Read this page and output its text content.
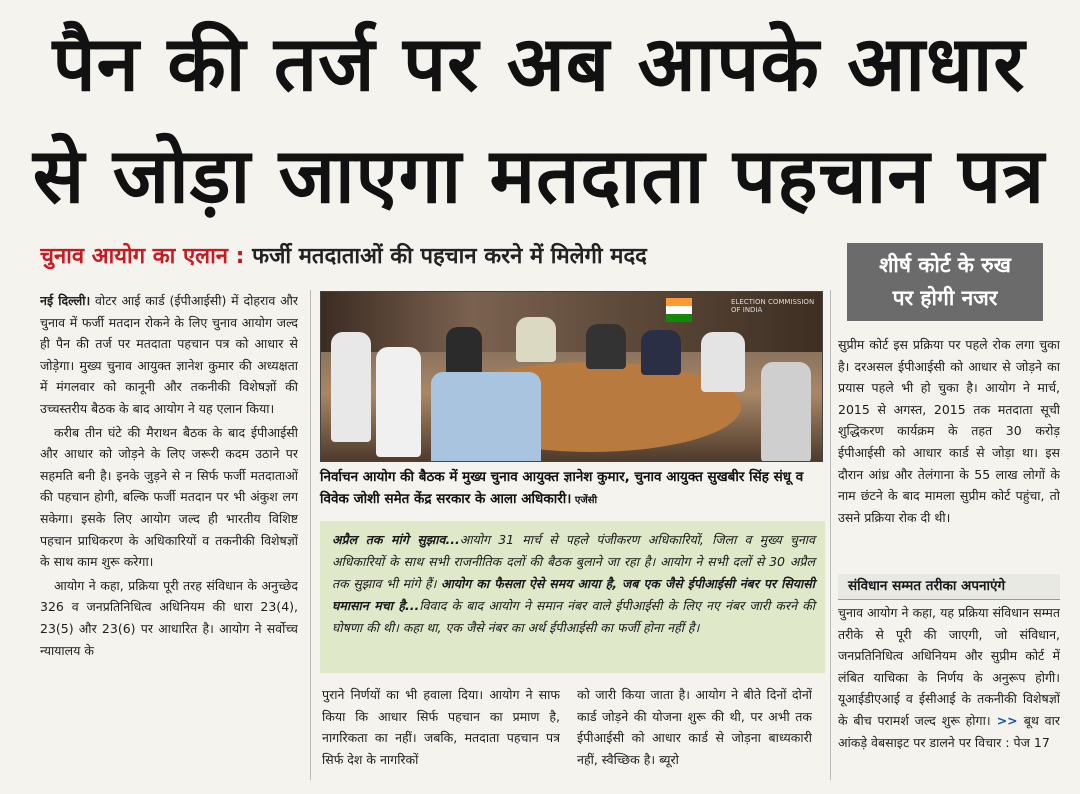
पैन की तर्ज पर अब आपके आधार
से जोड़ा जाएगा मतदाता पहचान पत्र
चुनाव आयोग का एलान : फर्जी मतदाताओं की पहचान करने में मिलेगी मदद

नई दिल्ली। वोटर आई कार्ड (ईपीआईसी) में दोहराव और चुनाव में फर्जी मतदान रोकने के लिए चुनाव आयोग जल्द ही पैन की तर्ज पर मतदाता पहचान पत्र को आधार से जोड़ेगा। मुख्य चुनाव आयुक्त ज्ञानेश कुमार की अध्यक्षता में मंगलवार को कानूनी और तकनीकी विशेषज्ञों की उच्चस्तरीय बैठक के बाद आयोग ने यह एलान किया।

करीब तीन घंटे की मैराथन बैठक के बाद ईपीआईसी और आधार को जोड़ने के लिए जरूरी कदम उठाने पर सहमति बनी है। इनके जुड़ने से न सिर्फ फर्जी मतदाताओं की पहचान होगी, बल्कि फर्जी मतदान पर भी अंकुश लग सकेगा। इसके लिए आयोग जल्द ही भारतीय विशिष्ट पहचान प्राधिकरण के अधिकारियों व तकनीकी विशेषज्ञों के साथ काम शुरू करेगा।

आयोग ने कहा, प्रक्रिया पूरी तरह संविधान के अनुच्छेद 326 व जनप्रतिनिधित्व अधिनियम की धारा 23(4), 23(5) और 23(6) पर आधारित है। आयोग ने सर्वोच्च न्यायालय के

ELECTION COMMISSION OF INDIA
निर्वाचन आयोग की बैठक में मुख्य चुनाव आयुक्त ज्ञानेश कुमार, चुनाव आयुक्त सुखबीर सिंह संधू व विवेक जोशी समेत केंद्र सरकार के आला अधिकारी। एजेंसी
अप्रैल तक मांगे सुझाव...आयोग 31 मार्च से पहले पंजीकरण अधिकारियों, जिला व मुख्य चुनाव अधिकारियों के साथ सभी राजनीतिक दलों की बैठक बुलाने जा रहा है। आयोग ने सभी दलों से 30 अप्रैल तक सुझाव भी मांगे हैं। आयोग का फैसला ऐसे समय आया है, जब एक जैसे ईपीआईसी नंबर पर सियासी घमासान मचा है...विवाद के बाद आयोग ने समान नंबर वाले ईपीआईसी के लिए नए नंबर जारी करने की घोषणा की थी। कहा था, एक जैसे नंबर का अर्थ ईपीआईसी का फर्जी होना नहीं है।

पुराने निर्णयों का भी हवाला दिया। आयोग ने साफ किया कि आधार सिर्फ पहचान का प्रमाण है, नागरिकता का नहीं। जबकि, मतदाता पहचान पत्र सिर्फ देश के नागरिकों

को जारी किया जाता है। आयोग ने बीते दिनों दोनों कार्ड जोड़ने की योजना शुरू की थी, पर अभी तक ईपीआईसी को आधार कार्ड से जोड़ना बाध्यकारी नहीं, स्वैच्छिक है। ब्यूरो

शीर्ष कोर्ट के रुख
पर होगी नजर

सुप्रीम कोर्ट इस प्रक्रिया पर पहले रोक लगा चुका है। दरअसल ईपीआईसी को आधार से जोड़ने का प्रयास पहले भी हो चुका है। आयोग ने मार्च, 2015 से अगस्त, 2015 तक मतदाता सूची शुद्धिकरण कार्यक्रम के तहत 30 करोड़ ईपीआईसी को आधार कार्ड से जोड़ा था। इस दौरान आंध्र और तेलंगाना के 55 लाख लोगों के नाम छंटने के बाद मामला सुप्रीम कोर्ट पहुंचा, तो उसने प्रक्रिया रोक दी थी।

संविधान सम्मत तरीका अपनाएंगे

चुनाव आयोग ने कहा, यह प्रक्रिया संविधान सम्मत तरीके से पूरी की जाएगी, जो संविधान, जनप्रतिनिधित्व अधिनियम और सुप्रीम कोर्ट में लंबित याचिका के निर्णय के अनुरूप होगी। यूआईडीएआई व ईसीआई के तकनीकी विशेषज्ञों के बीच परामर्श जल्द शुरू होगा। >> बूथ वार आंकड़े वेबसाइट पर डालने पर विचार : पेज 17
